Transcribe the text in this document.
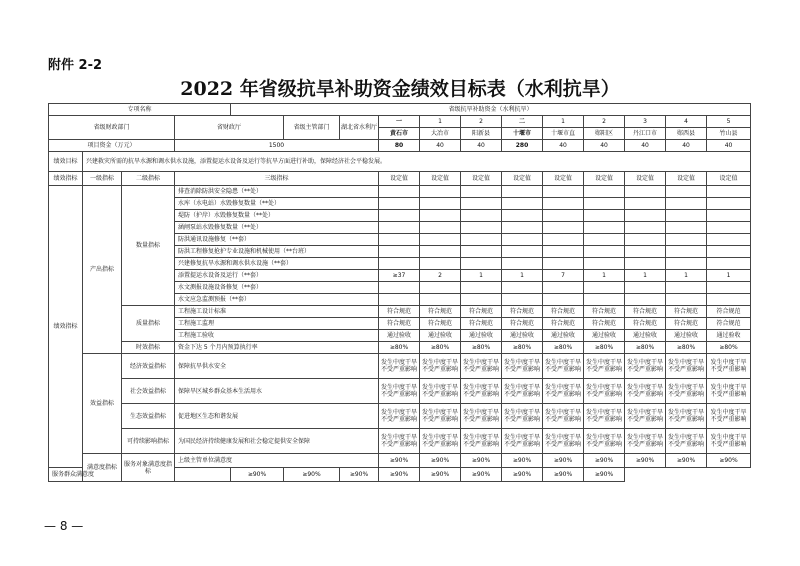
附件 2-2
2022 年省级抗旱补助资金绩效目标表（水利抗旱）
专项名称				省级抗旱补助资金（水利抗旱）											
省级财政部门			省财政厅		省级主管部门	湖北省水利厅	一	1	2	二	1	2	3	4	5
							黄石市	大冶市	阳新县	十堰市	十堰市直	郧阳区	丹江口市	郧西县	竹山县
项目资金（万元）			1500				80	40	40	280	40	40	40	40	40
绩效目标	兴建救灾所需的抗旱水源和调水供水设施，添置提运水设备及运行等抗旱方面进行补助，保障经济社会平稳发展。														
绩效指标	一级指标	二级指标	三级指标				设定值	设定值	设定值	设定值	设定值	设定值	设定值	设定值	设定值
绩效指标	产出指标	数量指标	排查消除防洪安全隐患（**处）												
			水库（水电站）水毁修复数量（**处）												
			堤防（护岸）水毁修复数量（**处）												
			涵闸泵站水毁修复数量（**处）												
			防洪通讯设施修复（**套）												
			防洪工程修复抢护专业设施和机械使用（**台班）												
			兴建修复抗旱水源和调水供水设施（**套）												
			添置提运水设备及运行（**套）				≥37	2	1	1	7	1	1	1	1
			水文测报设施设备修复（**套）												
			水文应急监测预报（**套）												
		质量指标	工程施工设计标准				符合规范	符合规范	符合规范	符合规范	符合规范	符合规范	符合规范	符合规范	符合规范
			工程施工监理				符合规范	符合规范	符合规范	符合规范	符合规范	符合规范	符合规范	符合规范	符合规范
			工程施工验收				通过验收	通过验收	通过验收	通过验收	通过验收	通过验收	通过验收	通过验收	通过验收
		时效指标	资金下达 5 个月内预算执行率				≥80%	≥80%	≥80%	≥80%	≥80%	≥80%	≥80%	≥80%	≥80%
	效益指标	经济效益指标	保障抗旱供水安全				发生中度干旱不受严重影响	发生中度干旱不受严重影响	发生中度干旱不受严重影响	发生中度干旱不受严重影响	发生中度干旱不受严重影响	发生中度干旱不受严重影响	发生中度干旱不受严重影响	发生中度干旱不受严重影响	发生中度干旱不受严重影响
		社会效益指标	保障旱区城乡群众基本生活用水				发生中度干旱不受严重影响	发生中度干旱不受严重影响	发生中度干旱不受严重影响	发生中度干旱不受严重影响	发生中度干旱不受严重影响	发生中度干旱不受严重影响	发生中度干旱不受严重影响	发生中度干旱不受严重影响	发生中度干旱不受严重影响
		生态效益指标	促进地区生态和谐发展				发生中度干旱不受严重影响	发生中度干旱不受严重影响	发生中度干旱不受严重影响	发生中度干旱不受严重影响	发生中度干旱不受严重影响	发生中度干旱不受严重影响	发生中度干旱不受严重影响	发生中度干旱不受严重影响	发生中度干旱不受严重影响
		可持续影响指标	为国民经济持续健康发展和社会稳定提供安全保障				发生中度干旱不受严重影响	发生中度干旱不受严重影响	发生中度干旱不受严重影响	发生中度干旱不受严重影响	发生中度干旱不受严重影响	发生中度干旱不受严重影响	发生中度干旱不受严重影响	发生中度干旱不受严重影响	发生中度干旱不受严重影响
	满意度指标	服务对象满意度指标	上级主管单位满意度				≥90%	≥90%	≥90%	≥90%	≥90%	≥90%	≥90%	≥90%	≥90%
服务群众满意度				≥90%	≥90%	≥90%	≥90%	≥90%	≥90%	≥90%	≥90%	≥90%			
— 8 —
